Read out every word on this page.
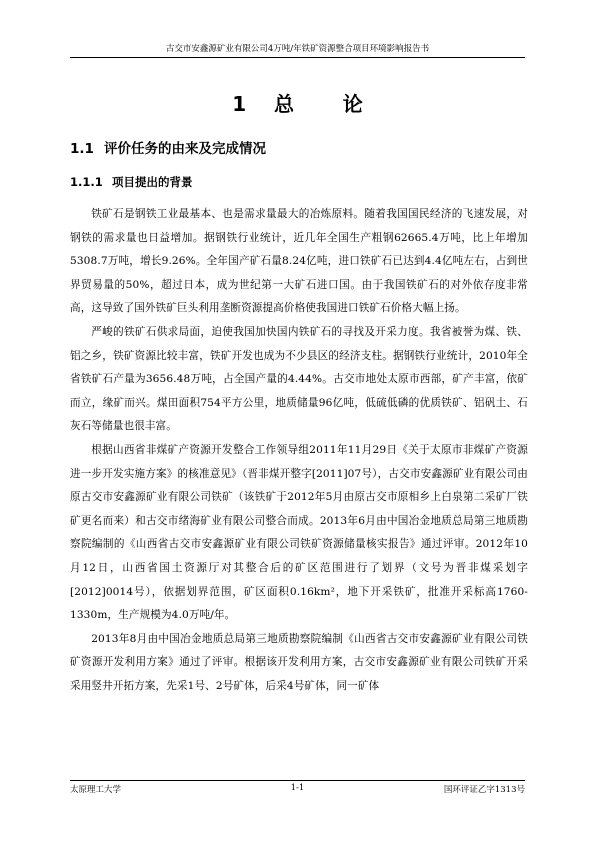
古交市安鑫源矿业有限公司4万吨/年铁矿资源整合项目环境影响报告书
1    总       论
1.1 评价任务的由来及完成情况
1.1.1 项目提出的背景

铁矿石是钢铁工业最基本、也是需求量最大的冶炼原料。随着我国国民经济的飞速发展，对钢铁的需求量也日益增加。据钢铁行业统计，近几年全国生产粗钢62665.4万吨，比上年增加5308.7万吨，增长9.26%。全年国产矿石量8.24亿吨，进口铁矿石已达到4.4亿吨左右，占到世界贸易量的50%，超过日本，成为世纪第一大矿石进口国。由于我国铁矿石的对外依存度非常高，这导致了国外铁矿巨头利用垄断资源提高价格使我国进口铁矿石价格大幅上扬。

严峻的铁矿石供求局面，迫使我国加快国内铁矿石的寻找及开采力度。我省被誉为煤、铁、铝之乡，铁矿资源比较丰富，铁矿开发也成为不少县区的经济支柱。据钢铁行业统计，2010年全省铁矿石产量为3656.48万吨，占全国产量的4.44%。古交市地处太原市西部，矿产丰富，依矿而立，缘矿而兴。煤田面积754平方公里，地质储量96亿吨，低硫低磷的优质铁矿、铝矾土、石灰石等储量也很丰富。

根据山西省非煤矿产资源开发整合工作领导组2011年11月29日《关于太原市非煤矿产资源进一步开发实施方案》的核准意见》（晋非煤开整字[2011]07号），古交市安鑫源矿业有限公司由原古交市安鑫源矿业有限公司铁矿（该铁矿于2012年5月由原古交市原相乡上白泉第二采矿厂铁矿更名而来）和古交市绪海矿业有限公司整合而成。2013年6月由中国冶金地质总局第三地质勘察院编制的《山西省古交市安鑫源矿业有限公司铁矿资源储量核实报告》通过评审。2012年10月12日，山西省国土资源厅对其整合后的矿区范围进行了划界（文号为晋非煤采划字[2012]0014号），依据划界范围，矿区面积0.16km²，地下开采铁矿，批准开采标高1760-1330m，生产规模为4.0万吨/年。

2013年8月由中国冶金地质总局第三地质勘察院编制《山西省古交市安鑫源矿业有限公司铁矿资源开发利用方案》通过了评审。根据该开发利用方案，古交市安鑫源矿业有限公司铁矿开采采用竖井开拓方案，先采1号、2号矿体，后采4号矿体，同一矿体

太原理工大学	1-1	国环评证乙字1313号
